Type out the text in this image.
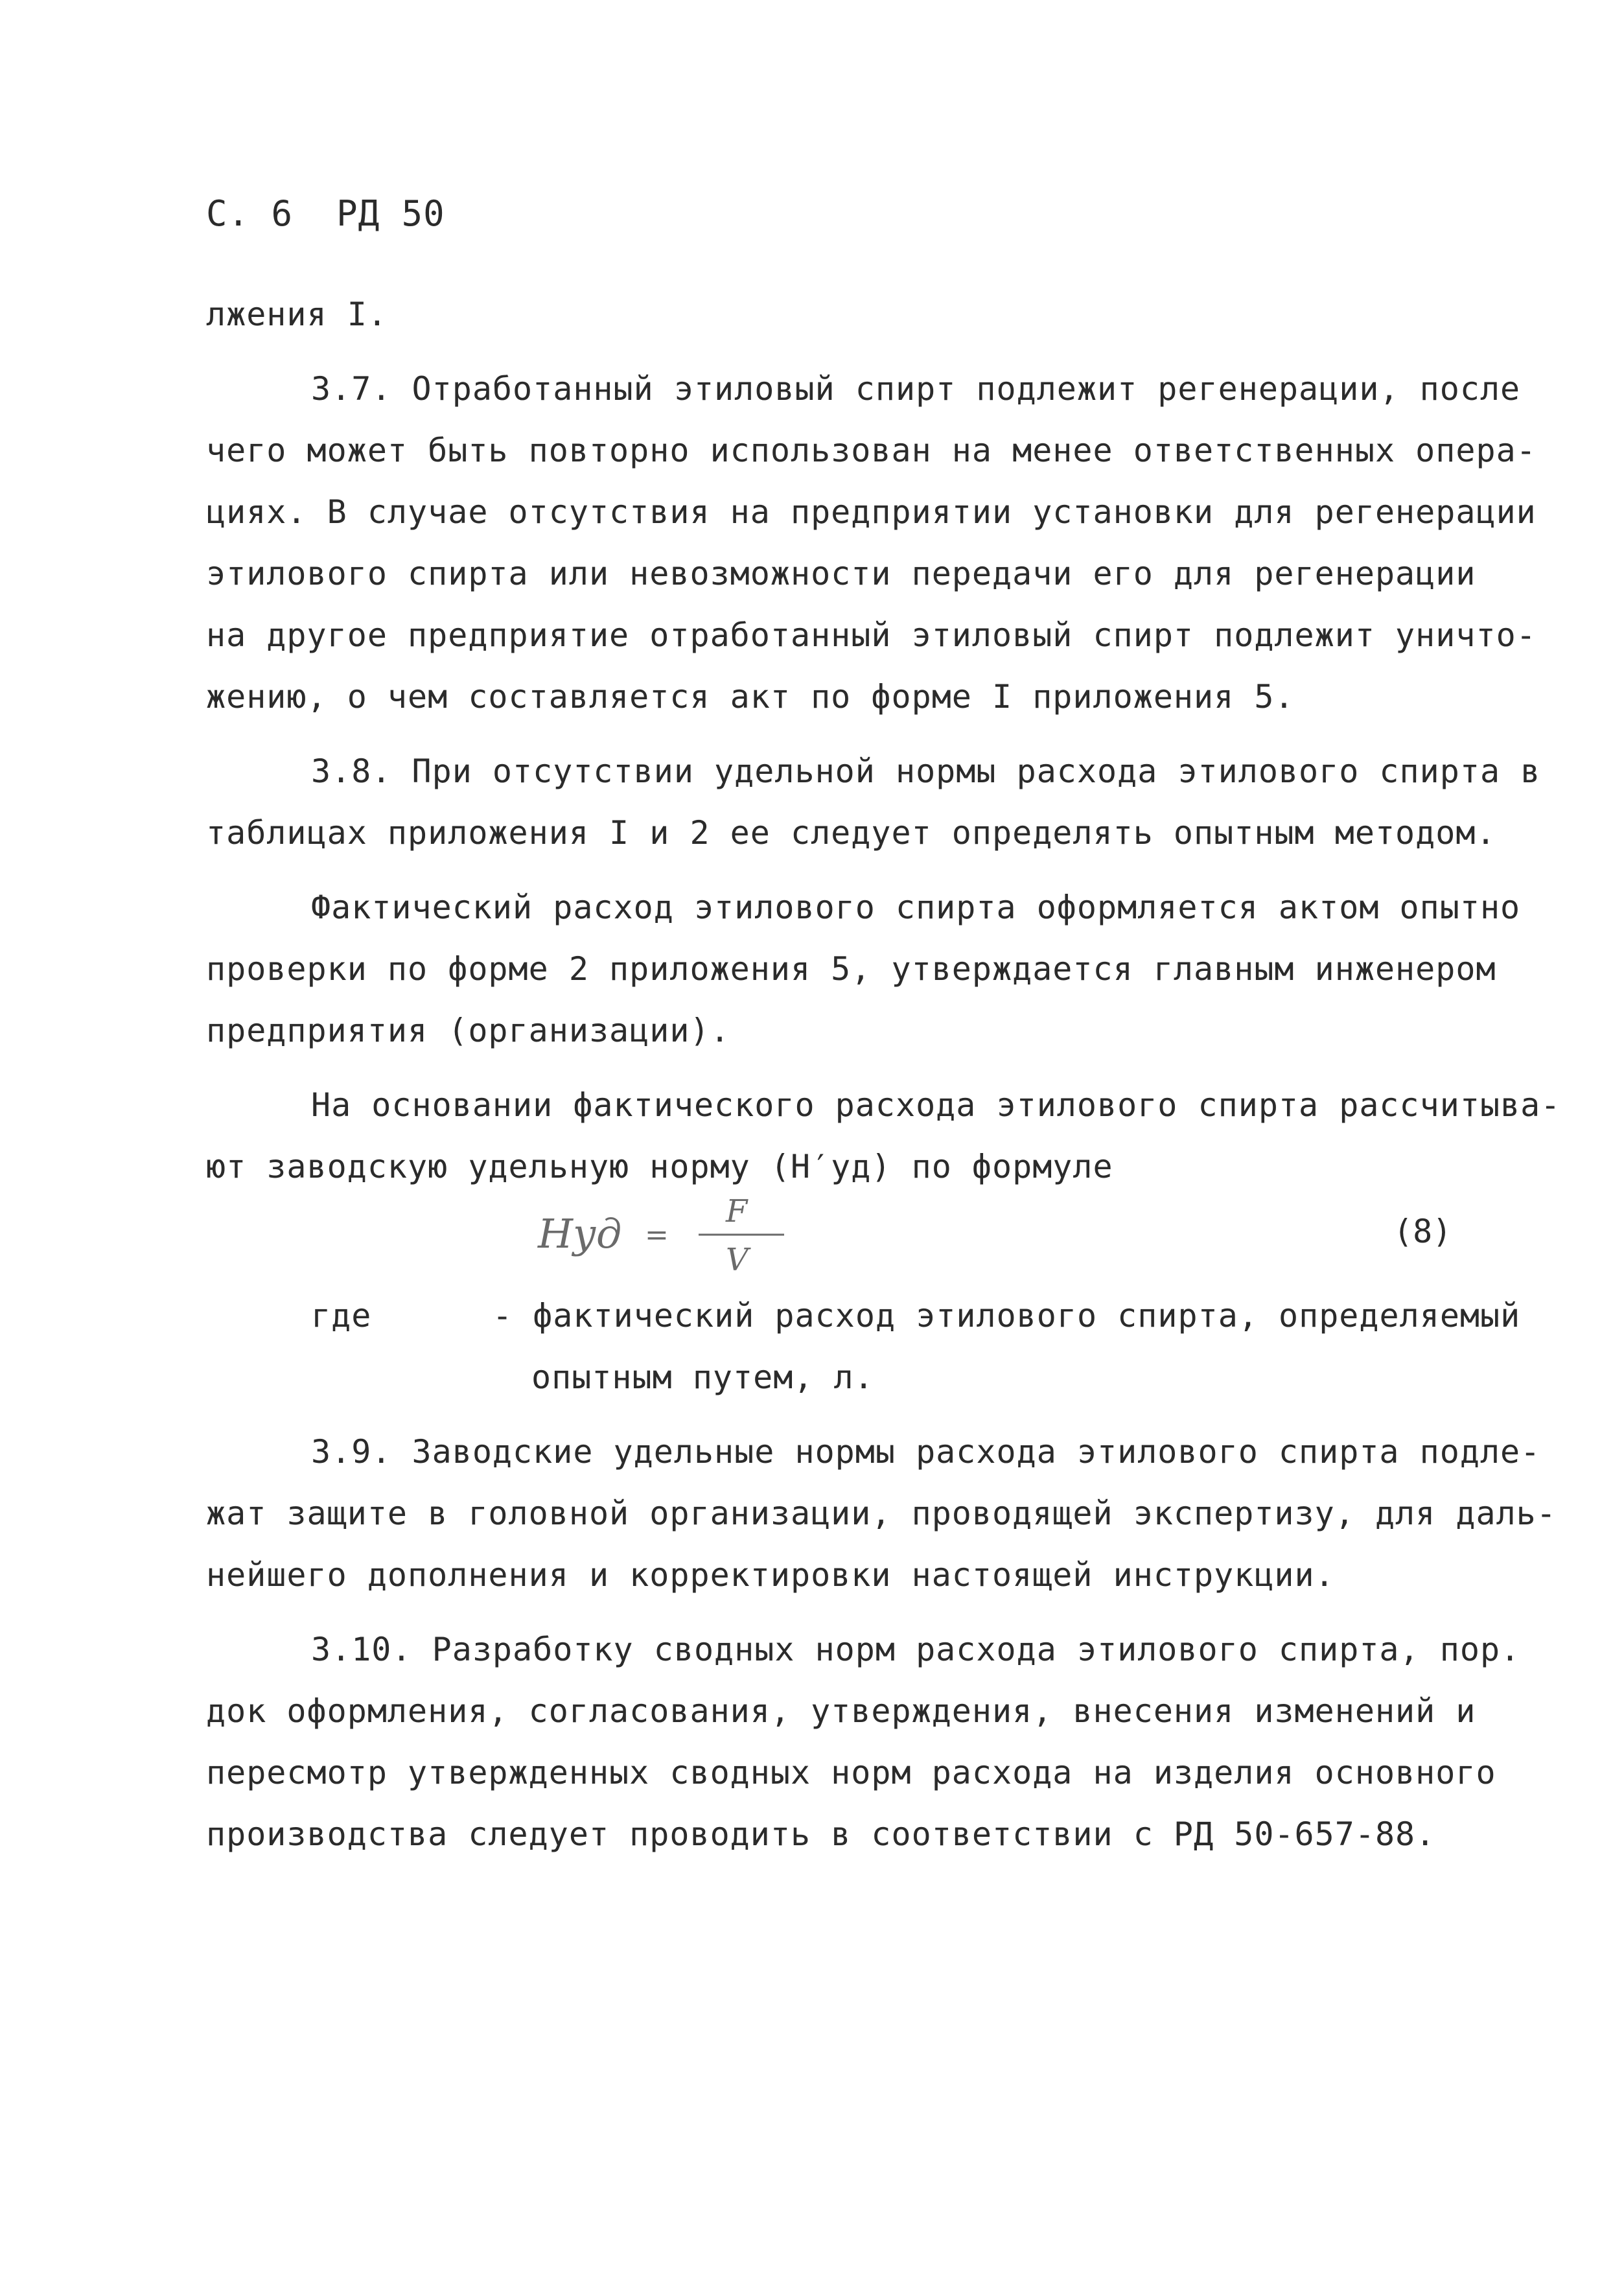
С. 6  РД 50
лжения I.
3.7. Отработанный этиловый спирт подлежит регенерации, после
чего может быть повторно использован на менее ответственных опера-
циях. В случае отсутствия на предприятии установки для регенерации
этилового спирта или невозможности передачи его для регенерации
на другое предприятие отработанный этиловый спирт подлежит уничто-
жению, о чем составляется акт по форме I приложения 5.
3.8. При отсутствии удельной нормы расхода этилового спирта в
таблицах приложения I и 2 ее следует определять опытным методом.
Фактический расход этилового спирта оформляется актом опытно
проверки по форме 2 приложения 5, утверждается главным инженером
предприятия (организации).
На основании фактического расхода этилового спирта рассчитыва-
ют заводскую удельную норму (Н′уд) по формуле
Hуд =
F
V
(8)
где	- фактический расход этилового спирта, определяемый
опытным путем, л.
3.9. Заводские удельные нормы расхода этилового спирта подле-
жат защите в головной организации, проводящей экспертизу, для даль-
нейшего дополнения и корректировки настоящей инструкции.
3.10. Разработку сводных норм расхода этилового спирта, пор.
док оформления, согласования, утверждения, внесения изменений и
пересмотр утвержденных сводных норм расхода на изделия основного
производства следует проводить в соответствии с РД 50-657-88.
